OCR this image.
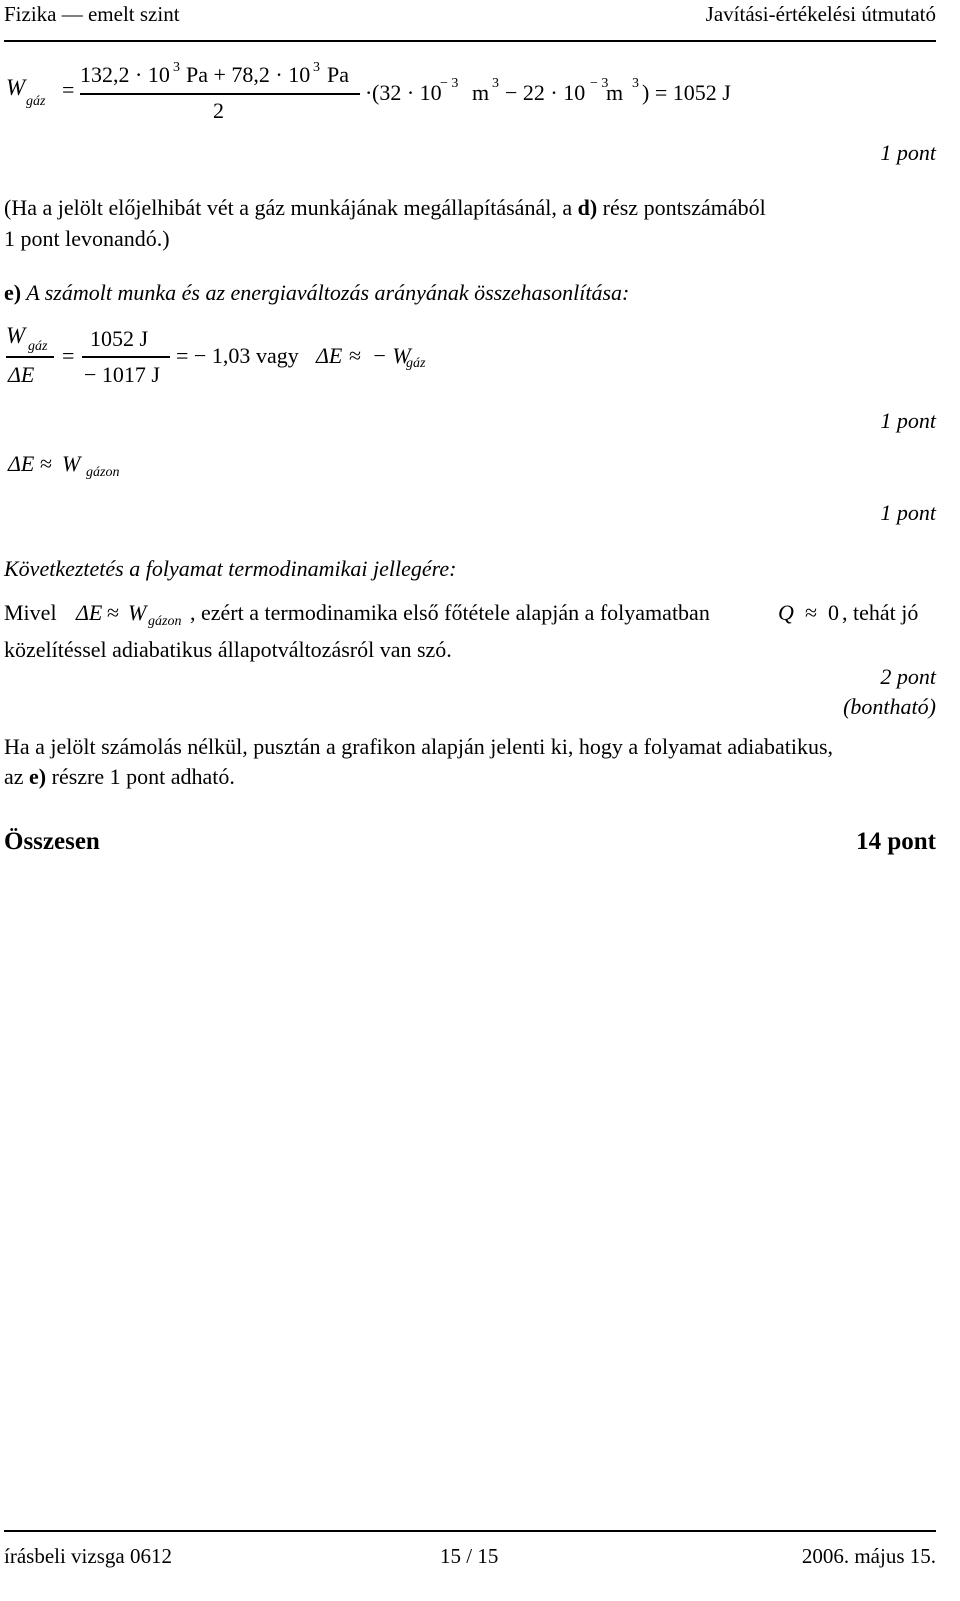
Fizika — emelt szint	Javítási-értékelési útmutató
W
gáz =
132,2 · 10 3 Pa + 78,2 · 10 3 Pa
2
· (32 · 10
− 3 m 3 − 22 · 10 − 3
m 3 ) = 1052 J
1 pont
(Ha a jelölt előjelhibát vét a gáz munkájának megállapításánál, a d) rész pontszámából
1 pont levonandó.)
e) A számolt munka és az energiaváltozás arányának összehasonlítása:
W gáz
ΔE
=
1052 J
− 1017 J
= − 1,03 vagy ΔE ≈ − W
gáz
1 pont
ΔE ≈ W gázon
1 pont
Következtetés a folyamat termodinamikai jellegére:
Mivel ΔE ≈ W gázon , ezért a termodinamika első főtétele alapján a folyamatban	Q ≈ 0 , tehát jó
közelítéssel adiabatikus állapotváltozásról van szó.
2 pont
(bontható)
Ha a jelölt számolás nélkül, pusztán a grafikon alapján jelenti ki, hogy a folyamat adiabatikus,
az e) részre 1 pont adható.
Összesen	14 pont
írásbeli vizsga 0612	15 / 15	2006. május 15.
